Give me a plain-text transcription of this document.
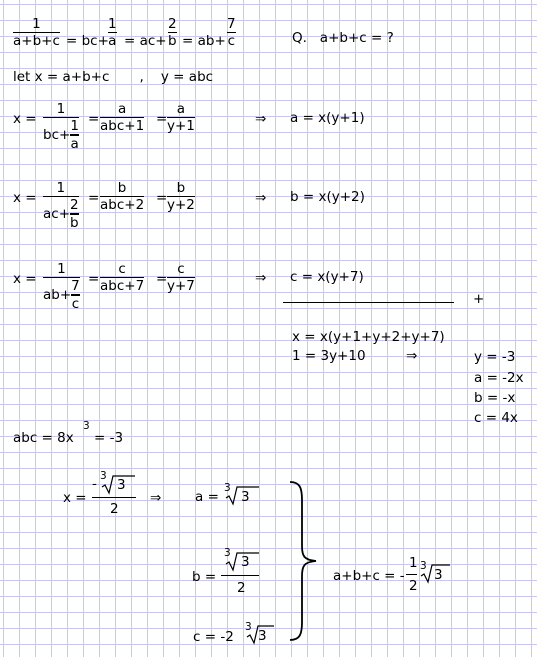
1
a+b+c = bc+
1
a = ac+
2
b = ab+
7
c	Q.   a+b+c = ?
let x = a+b+c       ,    y = abc
x =
1
$bc+ \frac{1}{a}$ =
a
abc+1 =
a
y+1	⇒ a = x(y+1)
x =
1
$ac+ \frac{2}{b}$ =
b
abc+2 =
b
y+2	⇒ b = x(y+2)
x =
1
$ab+ \frac{7}{c}$ =
c
abc+7 =
c
y+7
⇒ c = x(y+7)
+
x = x(y+1+y+2+y+7)
1 = 3y+10	⇒	y = -3
a = -2x
b = -x
c = 4x
abc = 8x
3
= -3
x =
- 3
3
2
⇒ a =
3
3
b =
3
3
2
c = -2
3
3
a+b+c = -
1
2
3
3
